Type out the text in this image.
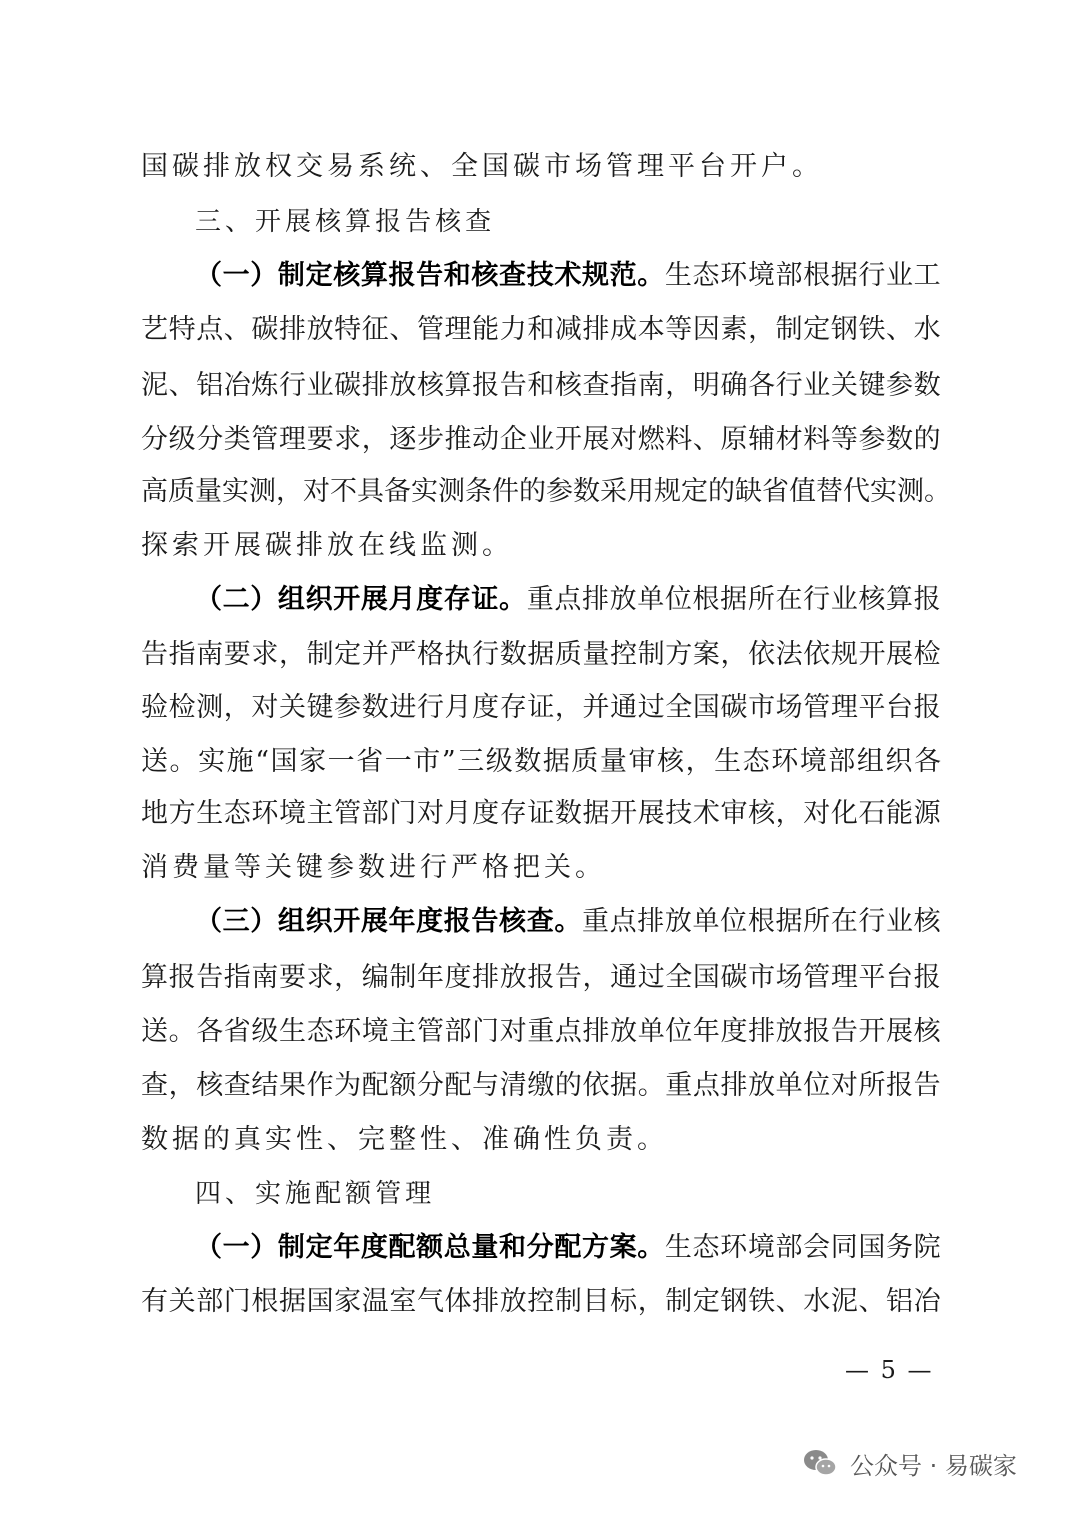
国 碳 排 放 权 交 易 系 统 、 全 国 碳 市 场 管 理 平 台 开 户 。
三 、 开 展 核 算 报 告 核 查
（ 一 ） 制 定 核 算 报 告 和 核 查 技 术 规 范 。 生 态 环 境 部 根 据 行 业 工
艺 特 点 、 碳 排 放 特 征 、 管 理 能 力 和 减 排 成 本 等 因 素 ， 制 定 钢 铁 、 水
泥 、 铝 冶 炼 行 业 碳 排 放 核 算 报 告 和 核 查 指 南 ， 明 确 各 行 业 关 键 参 数
分 级 分 类 管 理 要 求 ， 逐 步 推 动 企 业 开 展 对 燃 料 、 原 辅 材 料 等 参 数 的
高 质 量 实 测 ， 对 不 具 备 实 测 条 件 的 参 数 采 用 规 定 的 缺 省 值 替 代 实 测 。
探 索 开 展 碳 排 放 在 线 监 测 。
（ 二 ） 组 织 开 展 月 度 存 证 。 重 点 排 放 单 位 根 据 所 在 行 业 核 算 报
告 指 南 要 求 ， 制 定 并 严 格 执 行 数 据 质 量 控 制 方 案 ， 依 法 依 规 开 展 检
验 检 测 ， 对 关 键 参 数 进 行 月 度 存 证 ， 并 通 过 全 国 碳 市 场 管 理 平 台 报
送 。 实 施 “ 国 家 一 省 一 市 ” 三 级 数 据 质 量 审 核 ， 生 态 环 境 部 组 织 各
地 方 生 态 环 境 主 管 部 门 对 月 度 存 证 数 据 开 展 技 术 审 核 ， 对 化 石 能 源
消 费 量 等 关 键 参 数 进 行 严 格 把 关 。
（ 三 ） 组 织 开 展 年 度 报 告 核 查 。 重 点 排 放 单 位 根 据 所 在 行 业 核
算 报 告 指 南 要 求 ， 编 制 年 度 排 放 报 告 ， 通 过 全 国 碳 市 场 管 理 平 台 报
送 。 各 省 级 生 态 环 境 主 管 部 门 对 重 点 排 放 单 位 年 度 排 放 报 告 开 展 核
查 ， 核 查 结 果 作 为 配 额 分 配 与 清 缴 的 依 据 。 重 点 排 放 单 位 对 所 报 告
数 据 的 真 实 性 、 完 整 性 、 准 确 性 负 责 。
四 、 实 施 配 额 管 理
（ 一 ） 制 定 年 度 配 额 总 量 和 分 配 方 案 。 生 态 环 境 部 会 同 国 务 院
有 关 部 门 根 据 国 家 温 室 气 体 排 放 控 制 目 标 ， 制 定 钢 铁 、 水 泥 、 铝 冶
— 5 —
公众号 · 易碳家
